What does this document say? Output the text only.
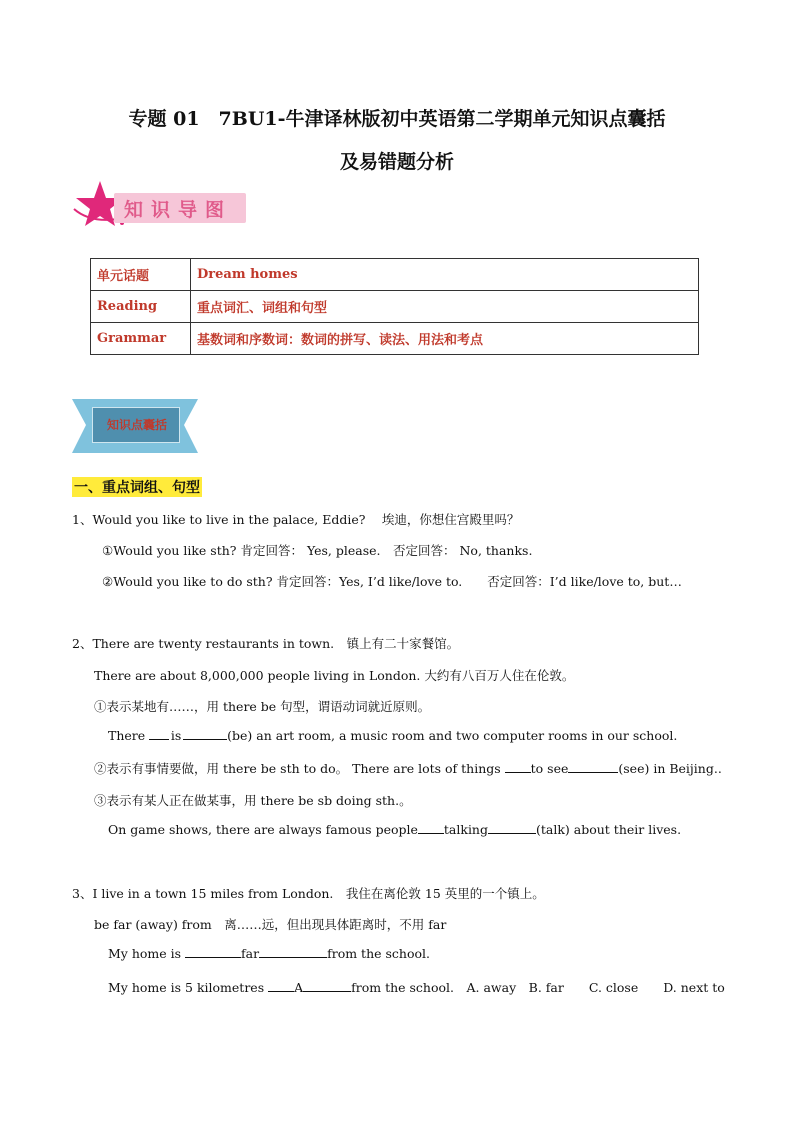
专题 01　7BU1-牛津译林版初中英语第二学期单元知识点囊括
及易错题分析
知识导图
单元话题	Dream homes
Reading	重点词汇、词组和句型
Grammar	基数词和序数词：数词的拼写、读法、用法和考点
知识点囊括
一、重点词组、句型
1、Would you like to live in the palace, Eddie?　 埃迪，你想住宫殿里吗？
①Would you like sth? 肯定回答： Yes, please.　否定回答： No, thanks.
②Would you like to do sth? 肯定回答：Yes, I’d like/love to.　　否定回答：I’d like/love to, but…
2、There are twenty restaurants in town.　镇上有二十家餐馆。
There are about 8,000,000 people living in London. 大约有八百万人住在伦敦。
①表示某地有……，用 there be 句型，谓语动词就近原则。
There is	(be) an art room, a music room and two computer rooms in our school.
②表示有事情要做，用 there be sth to do。 There are lots of things to see	(see) in Beijing..
③表示有某人正在做某事，用 there be sb doing sth.。
On game shows, there are always famous people talking	(talk) about their lives.
3、I live in a town 15 miles from London.　我住在离伦敦 15 英里的一个镇上。
be far (away) from　离……远，但出现具体距离时，不用 far
My home is	far	from the school.
My home is 5 kilometres A	from the school.　A. away　B. far　　C. close　　D. next to
